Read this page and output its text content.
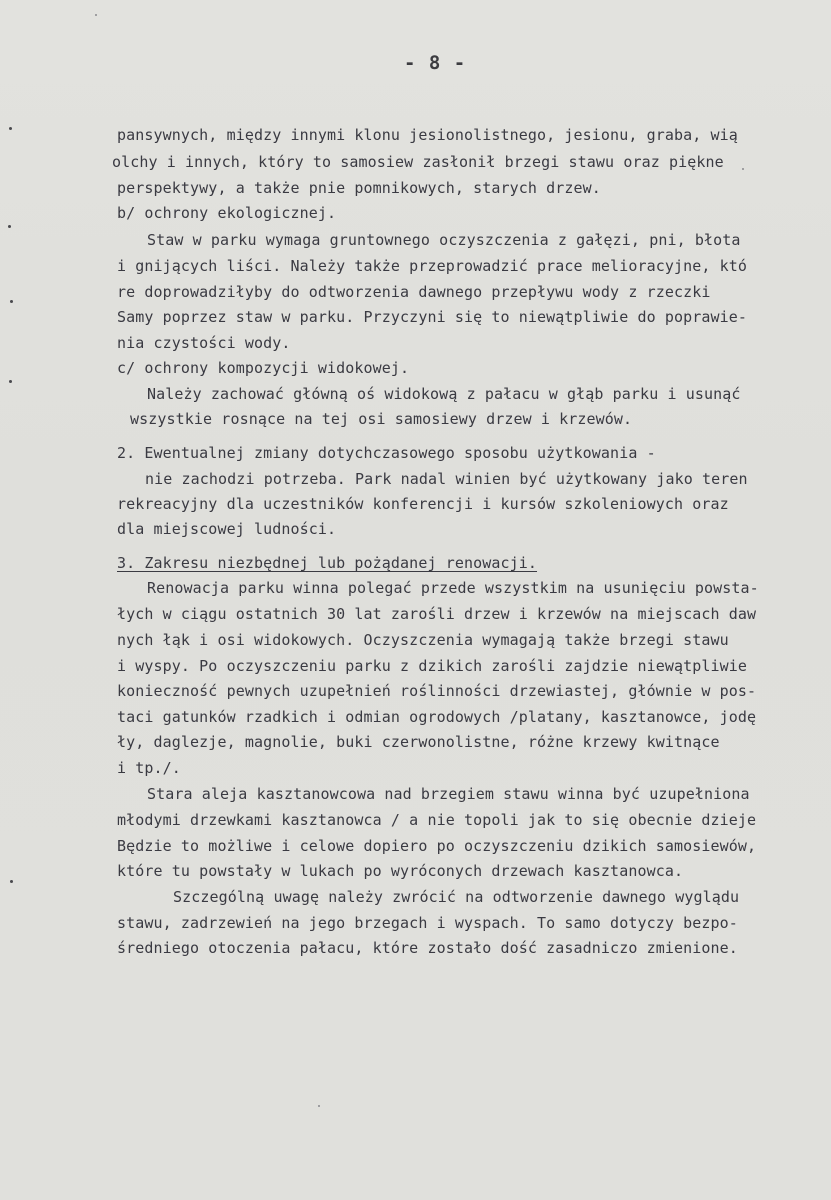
- 8 -
pansywnych, między innymi klonu jesionolistnego, jesionu, graba, wią
olchy i innych, który to samosiew zasłonił brzegi stawu oraz piękne
perspektywy, a także pnie pomnikowych, starych drzew.
b/ ochrony ekologicznej.
Staw w parku wymaga gruntownego oczyszczenia z gałęzi, pni, błota
i gnijących liści. Należy także przeprowadzić prace melioracyjne, któ
re doprowadziłyby do odtworzenia dawnego przepływu wody z rzeczki
Samy poprzez staw w parku. Przyczyni się to niewątpliwie do poprawie-
nia czystości wody.
c/ ochrony kompozycji widokowej.
Należy zachować główną oś widokową z pałacu w głąb parku i usunąć
wszystkie rosnące na tej osi samosiewy drzew i krzewów.
2. Ewentualnej zmiany dotychczasowego sposobu użytkowania -
nie zachodzi potrzeba. Park nadal winien być użytkowany jako teren
rekreacyjny dla uczestników konferencji i kursów szkoleniowych oraz
dla miejscowej ludności.
3. Zakresu niezbędnej lub pożądanej renowacji.
Renowacja parku winna polegać przede wszystkim na usunięciu powsta-
łych w ciągu ostatnich 30 lat zarośli drzew i krzewów na miejscach daw
nych łąk i osi widokowych. Oczyszczenia wymagają także brzegi stawu
i wyspy. Po oczyszczeniu parku z dzikich zarośli zajdzie niewątpliwie
konieczność pewnych uzupełnień roślinności drzewiastej, głównie w pos-
taci gatunków rzadkich i odmian ogrodowych /platany, kasztanowce, jodę
ły, daglezje, magnolie, buki czerwonolistne, różne krzewy kwitnące
i tp./.
Stara aleja kasztanowcowa nad brzegiem stawu winna być uzupełniona
młodymi drzewkami kasztanowca / a nie topoli jak to się obecnie dzieje
Będzie to możliwe i celowe dopiero po oczyszczeniu dzikich samosiewów,
które tu powstały w lukach po wyróconych drzewach kasztanowca.
Szczególną uwagę należy zwrócić na odtworzenie dawnego wyglądu
stawu, zadrzewień na jego brzegach i wyspach. To samo dotyczy bezpo-
średniego otoczenia pałacu, które zostało dość zasadniczo zmienione.
